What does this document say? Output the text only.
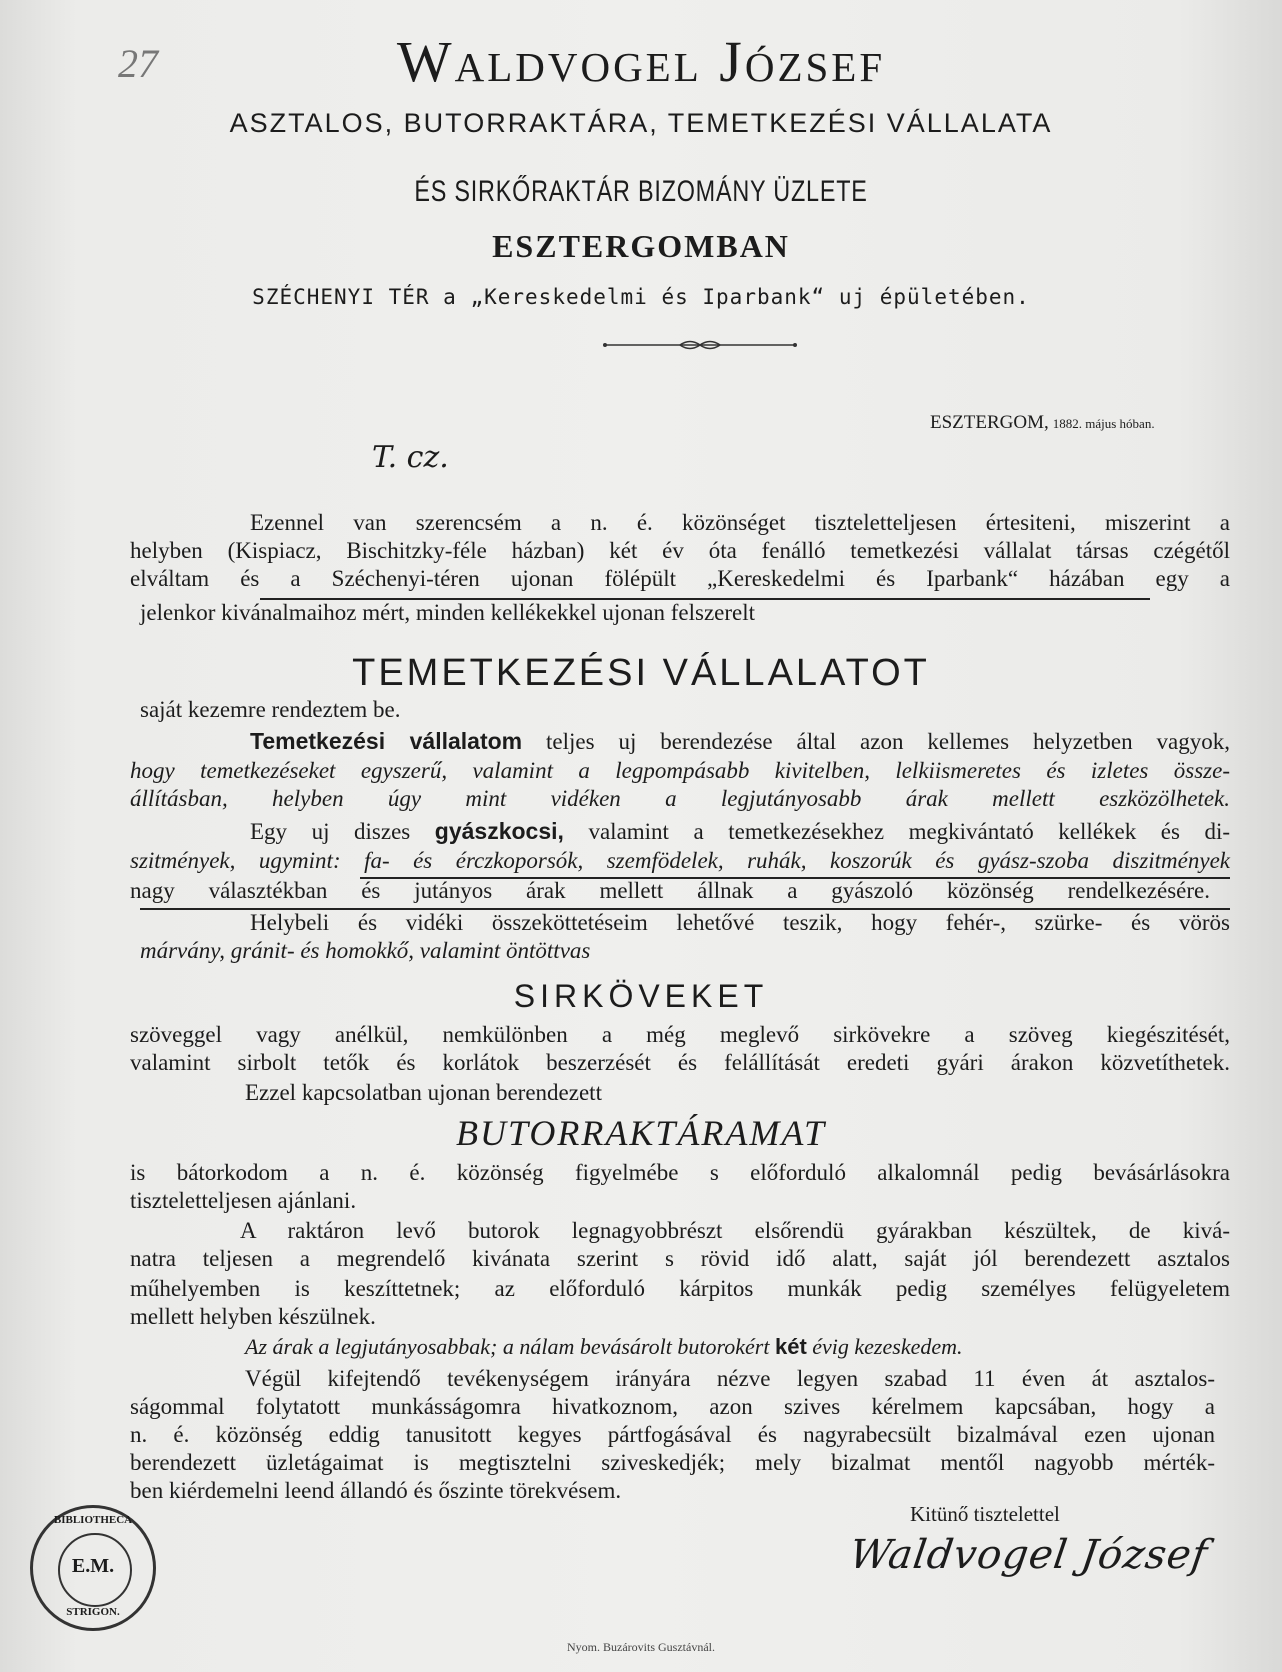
27	Waldvogel József
ASZTALOS, BUTORRAKTÁRA, TEMETKEZÉSI VÁLLALATA
ÉS SIRKŐRAKTÁR BIZOMÁNY ÜZLETE
ESZTERGOMBAN
SZÉCHENYI TÉR a „Kereskedelmi és Iparbank“ uj épületében.
ESZTERGOM, 1882. május hóban.
T. cz.
Ezennel van szerencsém a n. é. közönséget tiszteletteljesen értesiteni, miszerint a
helyben (Kispiacz, Bischitzky-féle házban) két év óta fenálló temetkezési vállalat társas czégétől
elváltam és a Széchenyi-téren ujonan fölépült „Kereskedelmi és Iparbank“ házában egy a
jelenkor kivánalmaihoz mért, minden kellékekkel ujonan felszerelt
TEMETKEZÉSI VÁLLALATOT
saját kezemre rendeztem be.
Temetkezési vállalatom teljes uj berendezése által azon kellemes helyzetben vagyok,
hogy temetkezéseket egyszerű, valamint a legpompásabb kivitelben, lelkiismeretes és izletes össze-
állításban, helyben úgy mint vidéken a legjutányosabb árak mellett eszközölhetek.
Egy uj diszes gyászkocsi, valamint a temetkezésekhez megkivántató kellékek és di-
szitmények, ugymint: fa- és érczkoporsók, szemfödelek, ruhák, koszorúk és gyász-szoba diszitmények
nagy választékban és jutányos árak mellett állnak a gyászoló közönség rendelkezésére.
Helybeli és vidéki összeköttetéseim lehetővé teszik, hogy fehér-, szürke- és vörös
márvány, gránit- és homokkő, valamint öntöttvas
SIRKÖVEKET
szöveggel vagy anélkül, nemkülönben a még meglevő sirkövekre a szöveg kiegészitését,
valamint sirbolt tetők és korlátok beszerzését és felállítását eredeti gyári árakon közvetíthetek.
Ezzel kapcsolatban ujonan berendezett
BUTORRAKTÁRAMAT
is bátorkodom a n. é. közönség figyelmébe s előforduló alkalomnál pedig bevásárlásokra
tiszteletteljesen ajánlani.
A raktáron levő butorok legnagyobbrészt elsőrendü gyárakban készültek, de kivá-
natra teljesen a megrendelő kivánata szerint s rövid idő alatt, saját jól berendezett asztalos
műhelyemben is keszíttetnek; az előforduló kárpitos munkák pedig személyes felügyeletem
mellett helyben készülnek.
Az árak a legjutányosabbak; a nálam bevásárolt butorokért két évig kezeskedem.
Végül kifejtendő tevékenységem irányára nézve legyen szabad 11 éven át asztalos-
ságommal folytatott munkásságomra hivatkoznom, azon szives kérelmem kapcsában, hogy a
n. é. közönség eddig tanusitott kegyes pártfogásával és nagyrabecsült bizalmával ezen ujonan
berendezett üzletágaimat is megtisztelni sziveskedjék; mely bizalmat mentől nagyobb mérték-
ben kiérdemelni leend állandó és őszinte törekvésem.
Kitünő tisztelettel
Waldvogel József
BIBLIOTHECA
E.M.
STRIGON.
Nyom. Buzárovits Gusztávnál.
